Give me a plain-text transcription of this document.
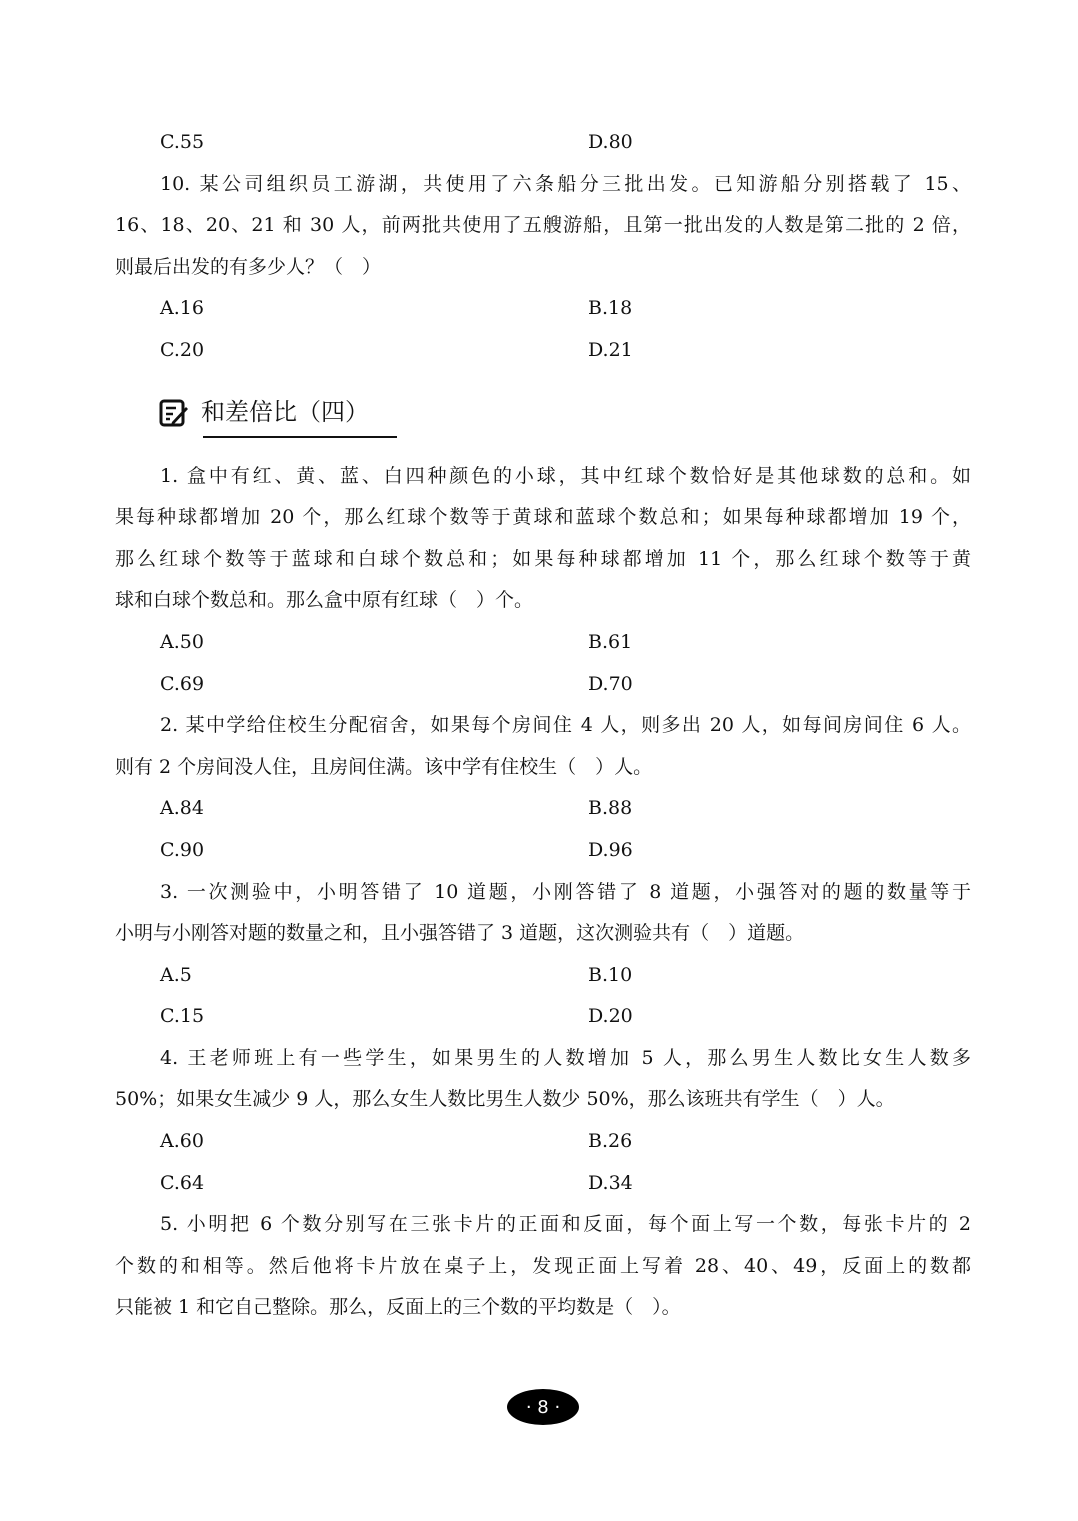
C.55	D.80
10. 某公司组织员工游湖，共使用了六条船分三批出发。已知游船分别搭载了 15、
16、18、20、21 和 30 人，前两批共使用了五艘游船，且第一批出发的人数是第二批的 2 倍，
则最后出发的有多少人？（　）
A.16	B.18
C.20	D.21
和差倍比（四）
1. 盒中有红、黄、蓝、白四种颜色的小球，其中红球个数恰好是其他球数的总和。如
果每种球都增加 20 个，那么红球个数等于黄球和蓝球个数总和；如果每种球都增加 19 个，
那么红球个数等于蓝球和白球个数总和；如果每种球都增加 11 个，那么红球个数等于黄
球和白球个数总和。那么盒中原有红球（　）个。
A.50	B.61
C.69	D.70
2. 某中学给住校生分配宿舍，如果每个房间住 4 人，则多出 20 人，如每间房间住 6 人。
则有 2 个房间没人住，且房间住满。该中学有住校生（　）人。
A.84	B.88
C.90	D.96
3. 一次测验中，小明答错了 10 道题，小刚答错了 8 道题，小强答对的题的数量等于
小明与小刚答对题的数量之和，且小强答错了 3 道题，这次测验共有（　）道题。
A.5	B.10
C.15	D.20
4. 王老师班上有一些学生，如果男生的人数增加 5 人，那么男生人数比女生人数多
50%；如果女生减少 9 人，那么女生人数比男生人数少 50%，那么该班共有学生（　）人。
A.60	B.26
C.64	D.34
5. 小明把 6 个数分别写在三张卡片的正面和反面，每个面上写一个数，每张卡片的 2
个数的和相等。然后他将卡片放在桌子上，发现正面上写着 28、40、49，反面上的数都
只能被 1 和它自己整除。那么，反面上的三个数的平均数是（　）。
· 8 ·
